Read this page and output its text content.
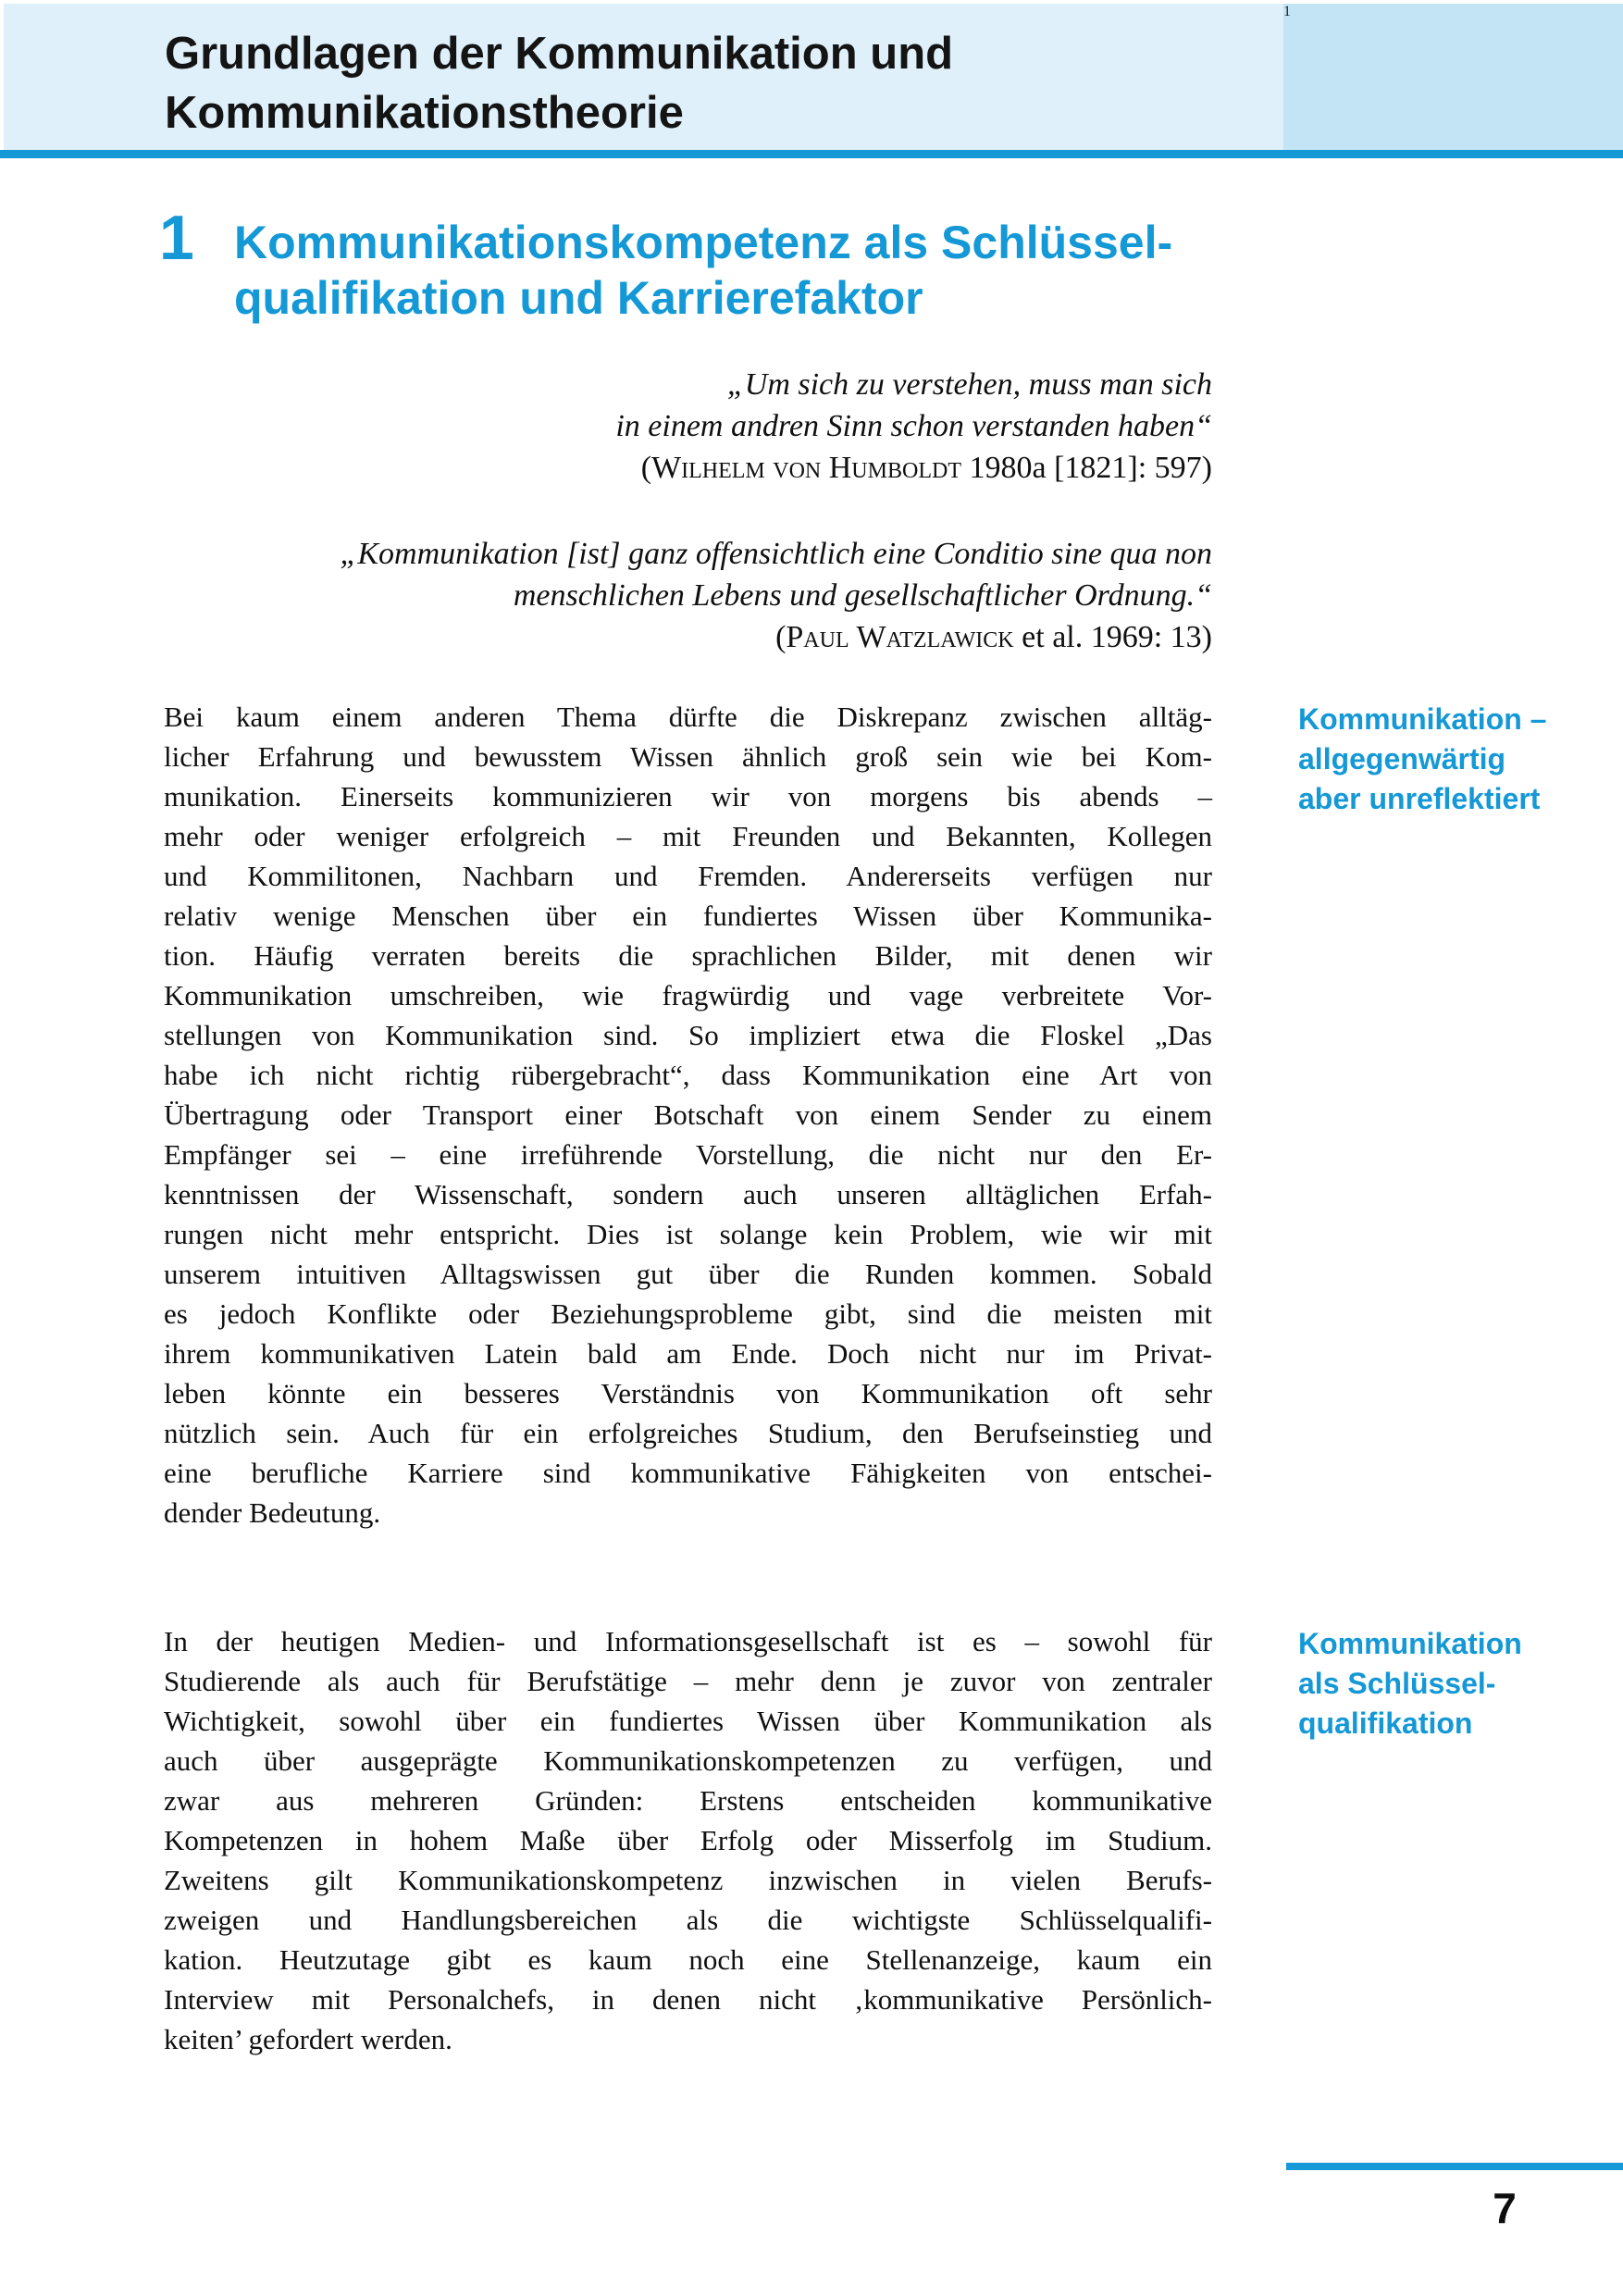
1
Grundlagen der Kommunikation und
Kommunikationstheorie
1 Kommunikationskompetenz als Schlüssel-
qualifikation und Karrierefaktor
„Um sich zu verstehen, muss man sich
in einem andren Sinn schon verstanden haben“
(Wilhelm von Humboldt 1980a [1821]: 597)
„Kommunikation [ist] ganz offensichtlich eine Conditio sine qua non
menschlichen Lebens und gesellschaftlicher Ordnung.“
(Paul Watzlawick et al. 1969: 13)
Bei kaum einem anderen Thema dürfte die Diskrepanz zwischen alltäg-
licher Erfahrung und bewusstem Wissen ähnlich groß sein wie bei Kom-
munikation. Einerseits kommunizieren wir von morgens bis abends –
mehr oder weniger erfolgreich – mit Freunden und Bekannten, Kollegen
und Kommilitonen, Nachbarn und Fremden. Andererseits verfügen nur
relativ wenige Menschen über ein fundiertes Wissen über Kommunika-
tion. Häufig verraten bereits die sprachlichen Bilder, mit denen wir
Kommunikation umschreiben, wie fragwürdig und vage verbreitete Vor-
stellungen von Kommunikation sind. So impliziert etwa die Floskel „Das
habe ich nicht richtig rübergebracht“, dass Kommunikation eine Art von
Übertragung oder Transport einer Botschaft von einem Sender zu einem
Empfänger sei – eine irreführende Vorstellung, die nicht nur den Er-
kenntnissen der Wissenschaft, sondern auch unseren alltäglichen Erfah-
rungen nicht mehr entspricht. Dies ist solange kein Problem, wie wir mit
unserem intuitiven Alltagswissen gut über die Runden kommen. Sobald
es jedoch Konflikte oder Beziehungsprobleme gibt, sind die meisten mit
ihrem kommunikativen Latein bald am Ende. Doch nicht nur im Privat-
leben könnte ein besseres Verständnis von Kommunikation oft sehr
nützlich sein. Auch für ein erfolgreiches Studium, den Berufseinstieg und
eine berufliche Karriere sind kommunikative Fähigkeiten von entschei-
dender Bedeutung.
In der heutigen Medien- und Informationsgesellschaft ist es – sowohl für
Studierende als auch für Berufstätige – mehr denn je zuvor von zentraler
Wichtigkeit, sowohl über ein fundiertes Wissen über Kommunikation als
auch über ausgeprägte Kommunikationskompetenzen zu verfügen, und
zwar aus mehreren Gründen: Erstens entscheiden kommunikative
Kompetenzen in hohem Maße über Erfolg oder Misserfolg im Studium.
Zweitens gilt Kommunikationskompetenz inzwischen in vielen Berufs-
zweigen und Handlungsbereichen als die wichtigste Schlüsselqualifi-
kation. Heutzutage gibt es kaum noch eine Stellenanzeige, kaum ein
Interview mit Personalchefs, in denen nicht ‚kommunikative Persönlich-
keiten’ gefordert werden.
Kommunikation –
allgegenwärtig
aber unreflektiert
Kommunikation
als Schlüssel-
qualifikation
7
